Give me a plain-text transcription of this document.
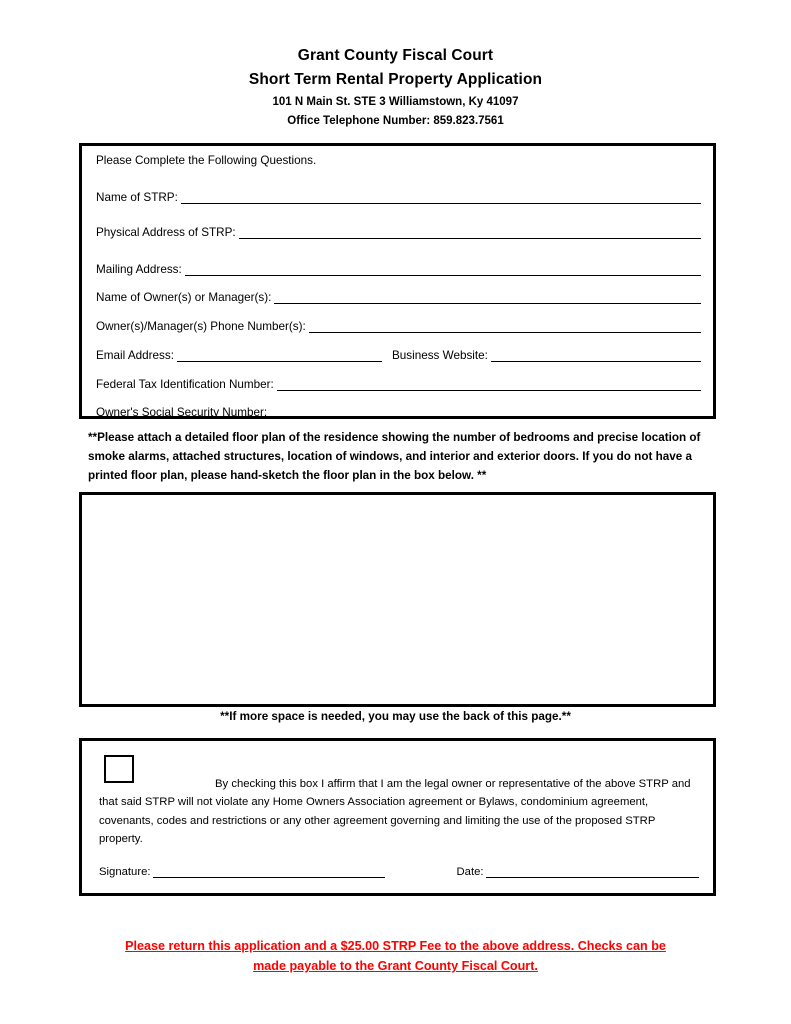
Grant County Fiscal Court
Short Term Rental Property Application
101 N Main St. STE 3 Williamstown, Ky 41097
Office Telephone Number: 859.823.7561
Please Complete the Following Questions.
Name of STRP:
Physical Address of STRP:
Mailing Address:
Name of Owner(s) or Manager(s):
Owner(s)/Manager(s) Phone Number(s):
Email Address:	Business Website:
Federal Tax Identification Number:
Owner's Social Security Number:
**Please attach a detailed floor plan of the residence showing the number of bedrooms and precise location of smoke alarms, attached structures, location of windows, and interior and exterior doors. If you do not have a printed floor plan, please hand-sketch the floor plan in the box below. **
**If more space is needed, you may use the back of this page.**
By checking this box I affirm that I am the legal owner or representative of the above STRP and that said STRP will not violate any Home Owners Association agreement or Bylaws, condominium agreement, covenants, codes and restrictions or any other agreement governing and limiting the use of the proposed STRP property.
Signature:	Date:
Please return this application and a $25.00 STRP Fee to the above address. Checks can be
made payable to the Grant County Fiscal Court.
